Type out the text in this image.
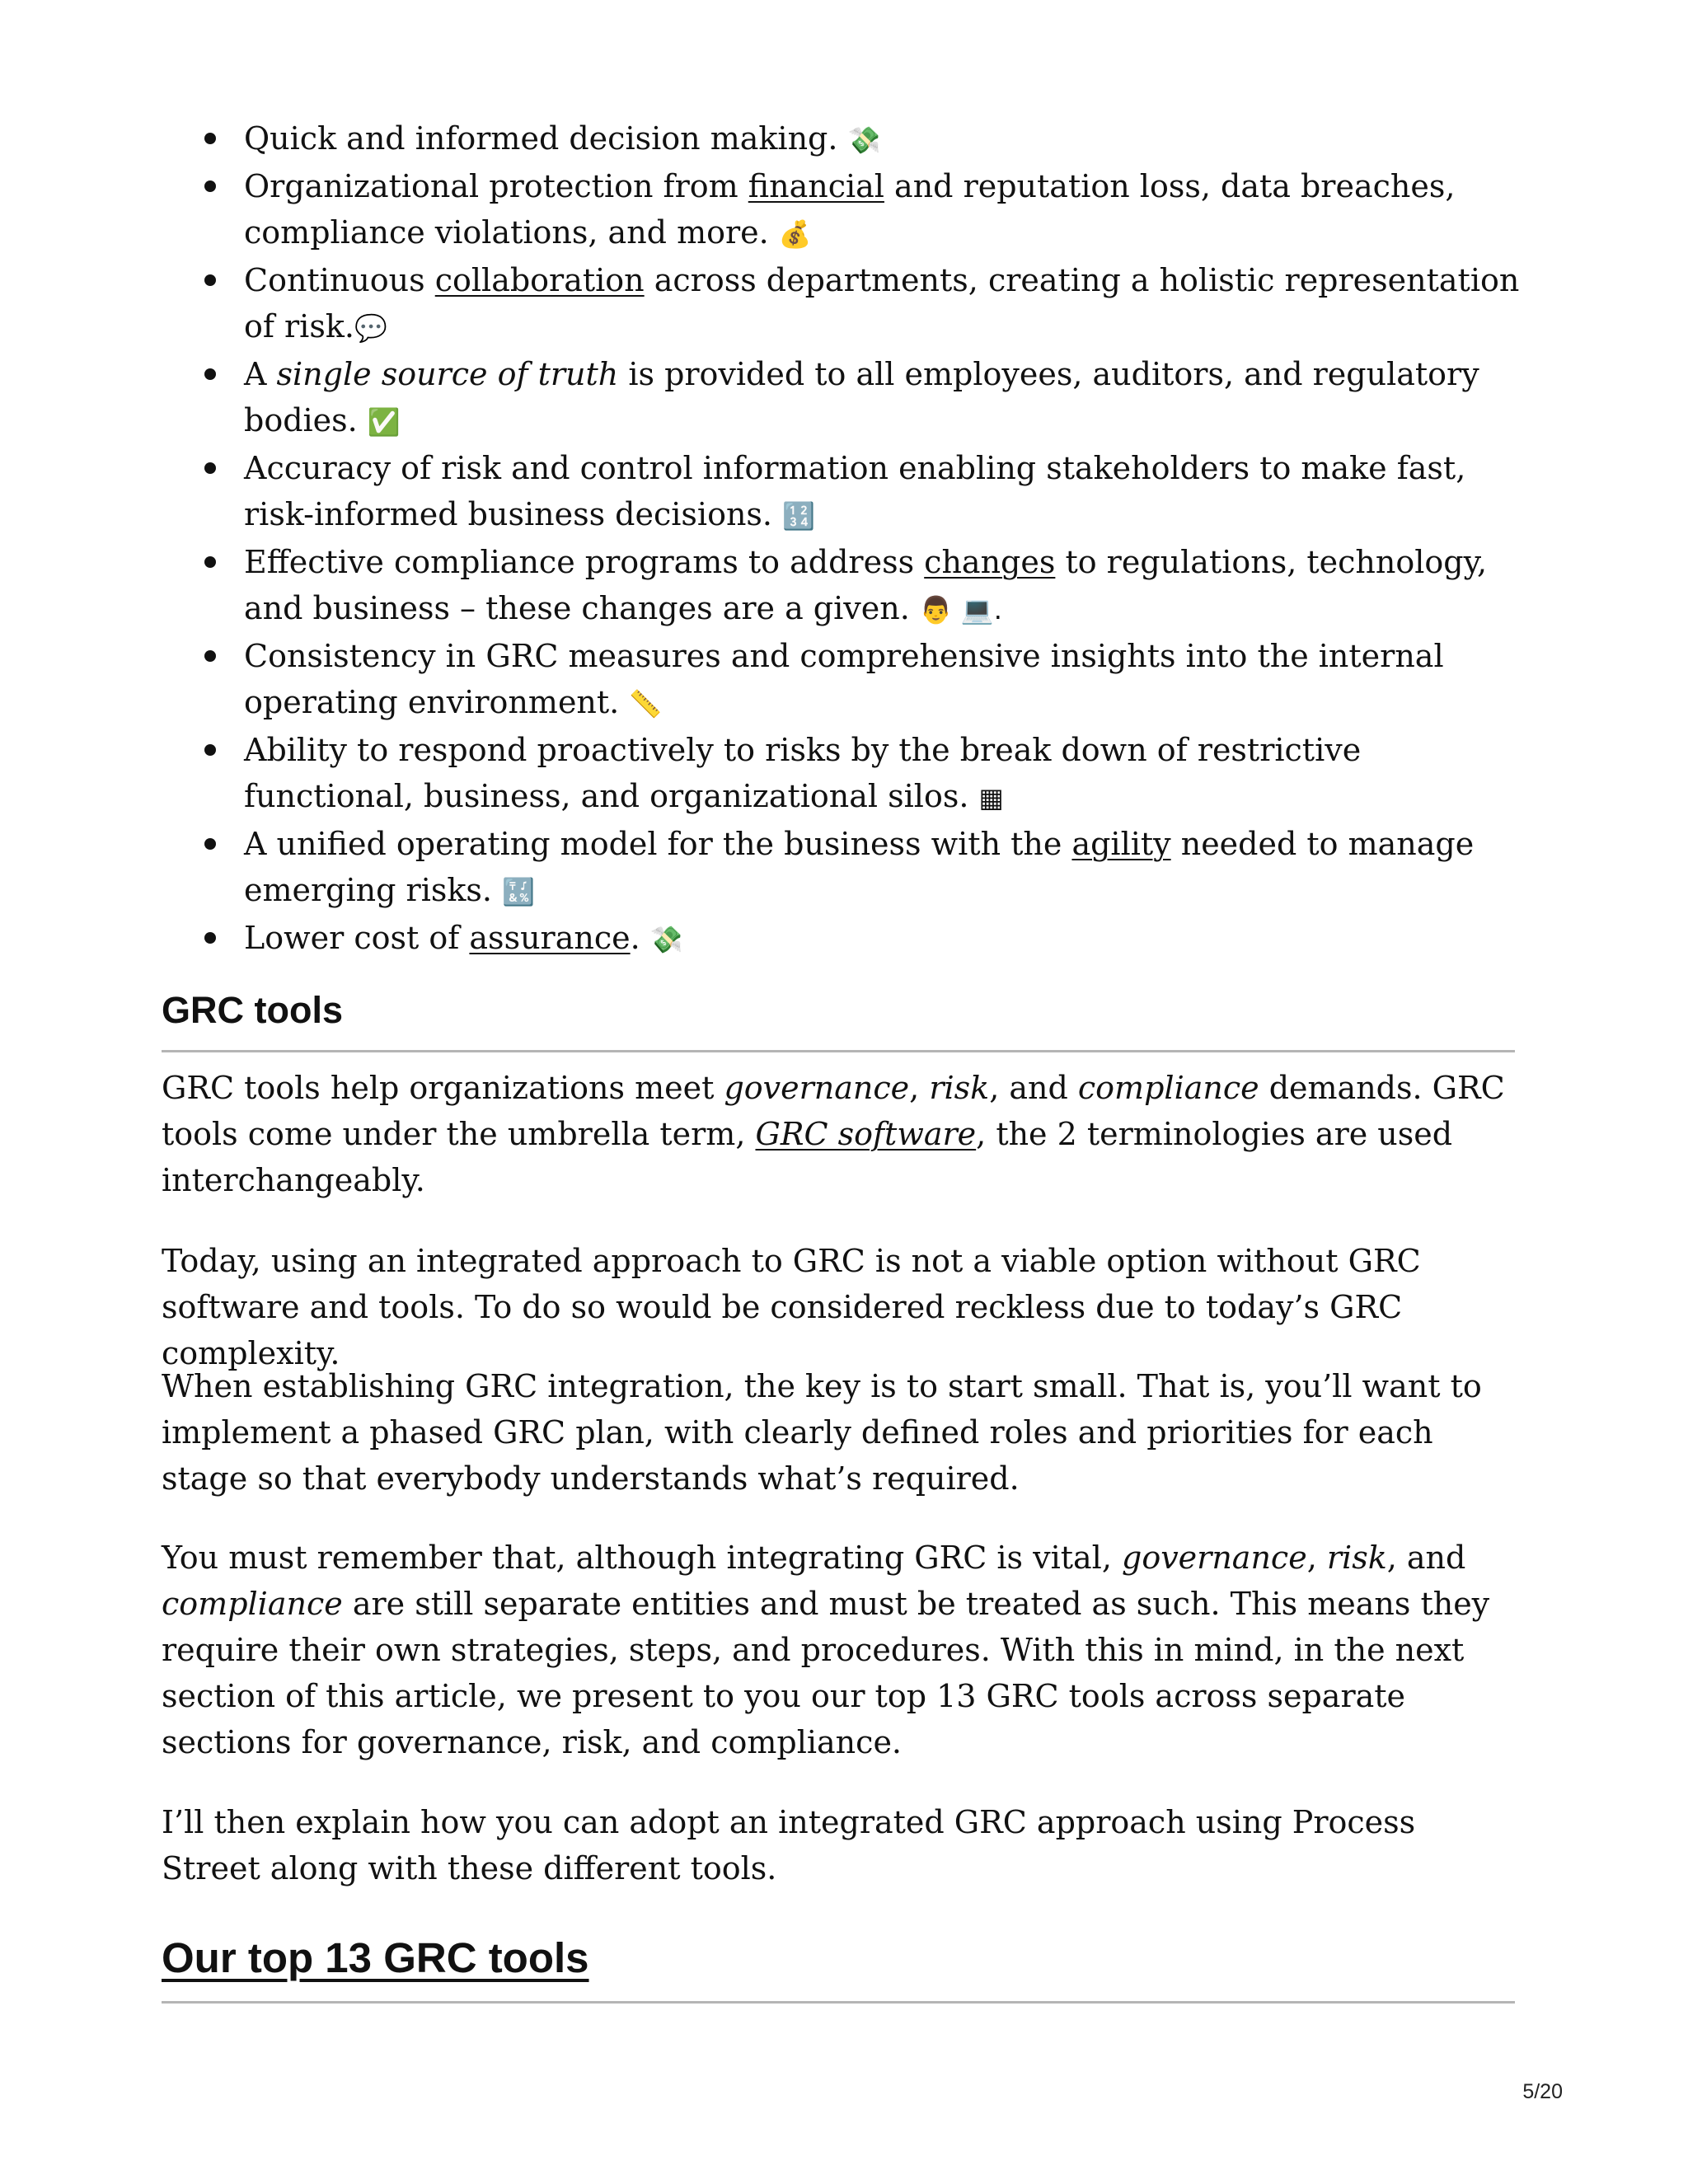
Quick and informed decision making. 💸
Organizational protection from financial and reputation loss, data breaches, compliance violations, and more. 💰
Continuous collaboration across departments, creating a holistic representation of risk.💬
A single source of truth is provided to all employees, auditors, and regulatory bodies. ✅
Accuracy of risk and control information enabling stakeholders to make fast, risk-informed business decisions. 🔢
Effective compliance programs to address changes to regulations, technology, and business – these changes are a given. 👨 💻.
Consistency in GRC measures and comprehensive insights into the internal operating environment. 📏
Ability to respond proactively to risks by the break down of restrictive functional, business, and organizational silos. ▦
A unified operating model for the business with the agility needed to manage emerging risks. 🔣
Lower cost of assurance. 💸
GRC tools

GRC tools help organizations meet governance, risk, and compliance demands. GRC tools come under the umbrella term, GRC software, the 2 terminologies are used interchangeably.

Today, using an integrated approach to GRC is not a viable option without GRC software and tools. To do so would be considered reckless due to today’s GRC complexity.

When establishing GRC integration, the key is to start small. That is, you’ll want to implement a phased GRC plan, with clearly defined roles and priorities for each stage so that everybody understands what’s required.

You must remember that, although integrating GRC is vital, governance, risk, and compliance are still separate entities and must be treated as such. This means they require their own strategies, steps, and procedures. With this in mind, in the next section of this article, we present to you our top 13 GRC tools across separate sections for governance, risk, and compliance.

I’ll then explain how you can adopt an integrated GRC approach using Process Street along with these different tools.

Our top 13 GRC tools
5/20
